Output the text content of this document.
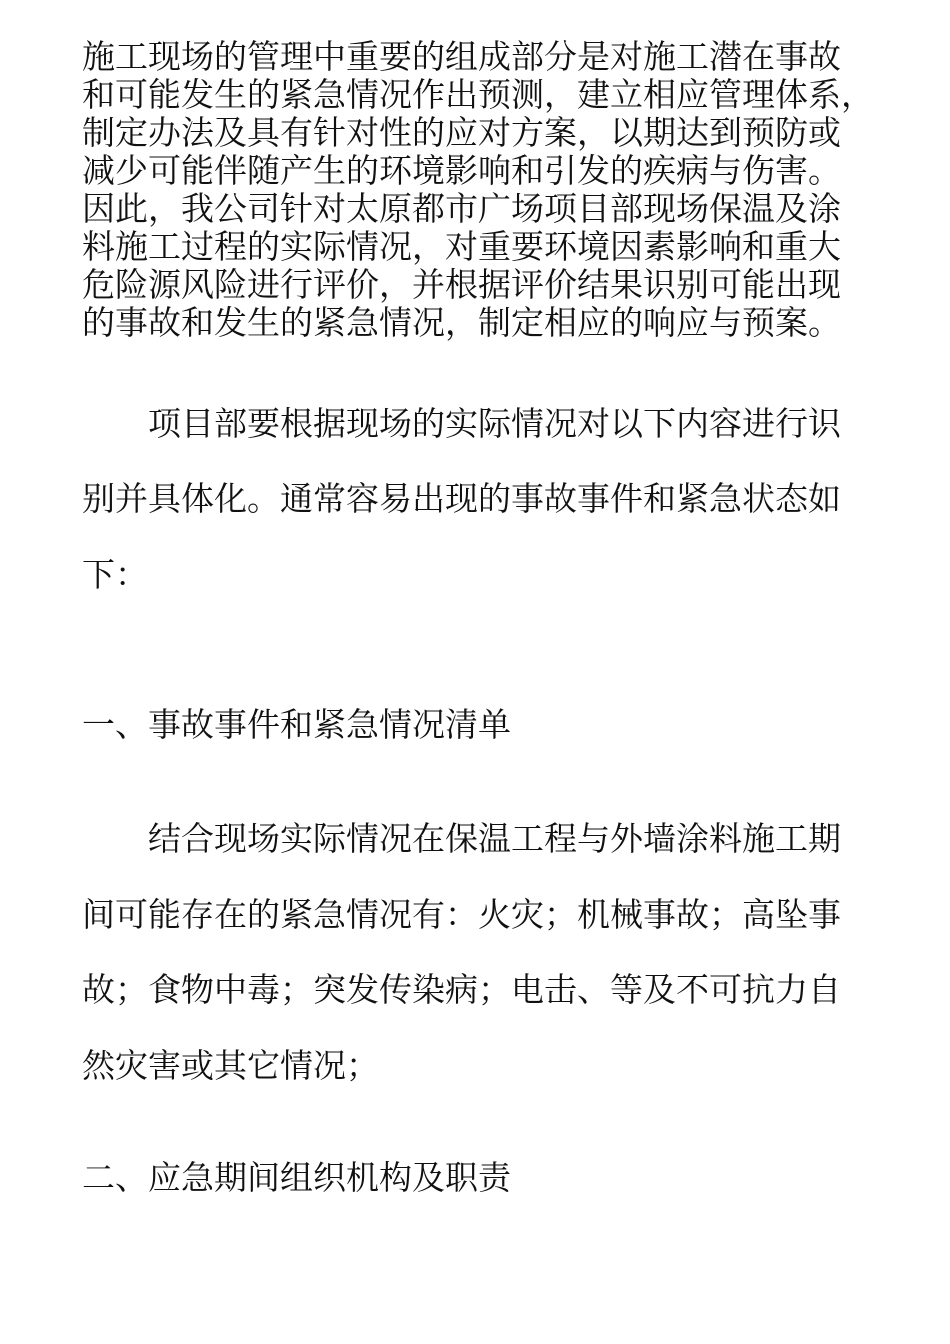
施工现场的管理中重要的组成部分是对施工潜在事故
和可能发生的紧急情况作出预测，建立相应管理体系，
制定办法及具有针对性的应对方案，以期达到预防或
减少可能伴随产生的环境影响和引发的疾病与伤害。
因此，我公司针对太原都市广场项目部现场保温及涂
料施工过程的实际情况，对重要环境因素影响和重大
危险源风险进行评价，并根据评价结果识别可能出现
的事故和发生的紧急情况，制定相应的响应与预案。
项目部要根据现场的实际情况对以下内容进行识
别并具体化。通常容易出现的事故事件和紧急状态如
下：
一、事故事件和紧急情况清单
结合现场实际情况在保温工程与外墙涂料施工期
间可能存在的紧急情况有：火灾；机械事故；高坠事
故；食物中毒；突发传染病；电击、等及不可抗力自
然灾害或其它情况；
二、应急期间组织机构及职责
